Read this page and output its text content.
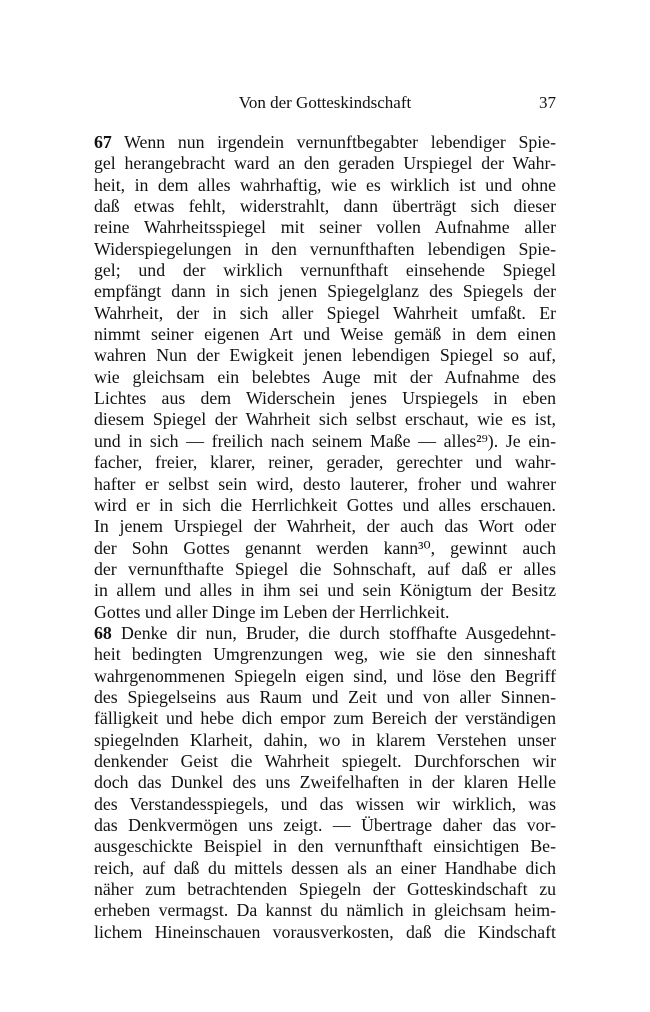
Von der Gotteskindschaft	37
67 Wenn nun irgendein vernunftbegabter lebendiger Spie-
gel herangebracht ward an den geraden Urspiegel der Wahr-
heit, in dem alles wahrhaftig, wie es wirklich ist und ohne
daß etwas fehlt, widerstrahlt, dann überträgt sich dieser
reine Wahrheitsspiegel mit seiner vollen Aufnahme aller
Widerspiegelungen in den vernunfthaften lebendigen Spie-
gel; und der wirklich vernunfthaft einsehende Spiegel
empfängt dann in sich jenen Spiegelglanz des Spiegels der
Wahrheit, der in sich aller Spiegel Wahrheit umfaßt. Er
nimmt seiner eigenen Art und Weise gemäß in dem einen
wahren Nun der Ewigkeit jenen lebendigen Spiegel so auf,
wie gleichsam ein belebtes Auge mit der Aufnahme des
Lichtes aus dem Widerschein jenes Urspiegels in eben
diesem Spiegel der Wahrheit sich selbst erschaut, wie es ist,
und in sich — freilich nach seinem Maße — alles²⁹). Je ein-
facher, freier, klarer, reiner, gerader, gerechter und wahr-
hafter er selbst sein wird, desto lauterer, froher und wahrer
wird er in sich die Herrlichkeit Gottes und alles erschauen.
In jenem Urspiegel der Wahrheit, der auch das Wort oder
der Sohn Gottes genannt werden kann³⁰, gewinnt auch
der vernunfthafte Spiegel die Sohnschaft, auf daß er alles
in allem und alles in ihm sei und sein Königtum der Besitz
Gottes und aller Dinge im Leben der Herrlichkeit.
68 Denke dir nun, Bruder, die durch stoffhafte Ausgedehnt-
heit bedingten Umgrenzungen weg, wie sie den sinneshaft
wahrgenommenen Spiegeln eigen sind, und löse den Begriff
des Spiegelseins aus Raum und Zeit und von aller Sinnen-
fälligkeit und hebe dich empor zum Bereich der verständigen
spiegelnden Klarheit, dahin, wo in klarem Verstehen unser
denkender Geist die Wahrheit spiegelt. Durchforschen wir
doch das Dunkel des uns Zweifelhaften in der klaren Helle
des Verstandesspiegels, und das wissen wir wirklich, was
das Denkvermögen uns zeigt. — Übertrage daher das vor-
ausgeschickte Beispiel in den vernunfthaft einsichtigen Be-
reich, auf daß du mittels dessen als an einer Handhabe dich
näher zum betrachtenden Spiegeln der Gotteskindschaft zu
erheben vermagst. Da kannst du nämlich in gleichsam heim-
lichem Hineinschauen vorausverkosten, daß die Kindschaft
